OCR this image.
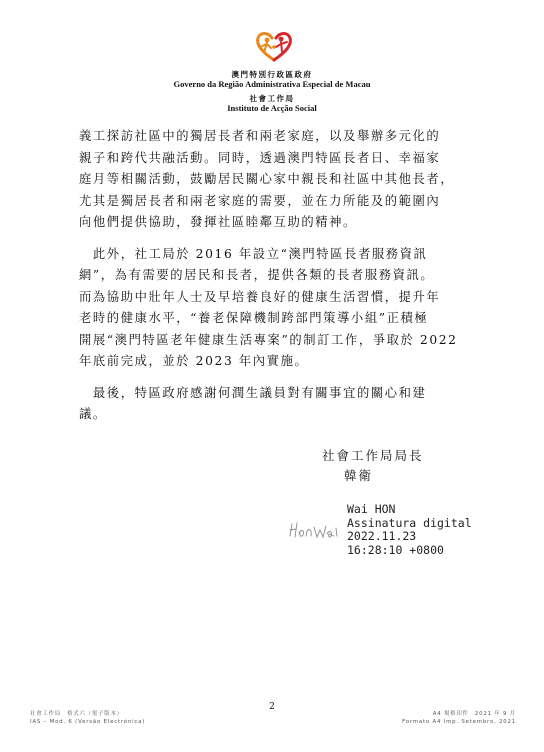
澳門特別行政區政府
Governo da Região Administrativa Especial de Macau
社會工作局
Instituto de Acção Social

義工探訪社區中的獨居長者和兩老家庭，以及舉辦多元化的
親子和跨代共融活動。同時，透過澳門特區長者日、幸福家
庭月等相關活動，鼓勵居民關心家中親長和社區中其他長者，
尤其是獨居長者和兩老家庭的需要，並在力所能及的範圍內
向他們提供協助，發揮社區睦鄰互助的精神。

　此外，社工局於 2016 年設立“澳門特區長者服務資訊
網”，為有需要的居民和長者，提供各類的長者服務資訊。
而為協助中壯年人士及早培養良好的健康生活習慣，提升年
老時的健康水平，“養老保障機制跨部門策導小組”正積極
開展“澳門特區老年健康生活專案”的制訂工作，爭取於 2022
年底前完成，並於 2023 年內實施。

　最後，特區政府感謝何潤生議員對有關事宜的關心和建
議。

社會工作局局長
韓衛
Wai HON
Assinatura digital
2022.11.23
16:28:10 +0800
2
社會工作局　格式六（電子版本）
IAS – Mod. 6 (Versão Electrónica)
A4 規格印件　2021 年 9 月
Formato A4 Imp. Setembro, 2021
